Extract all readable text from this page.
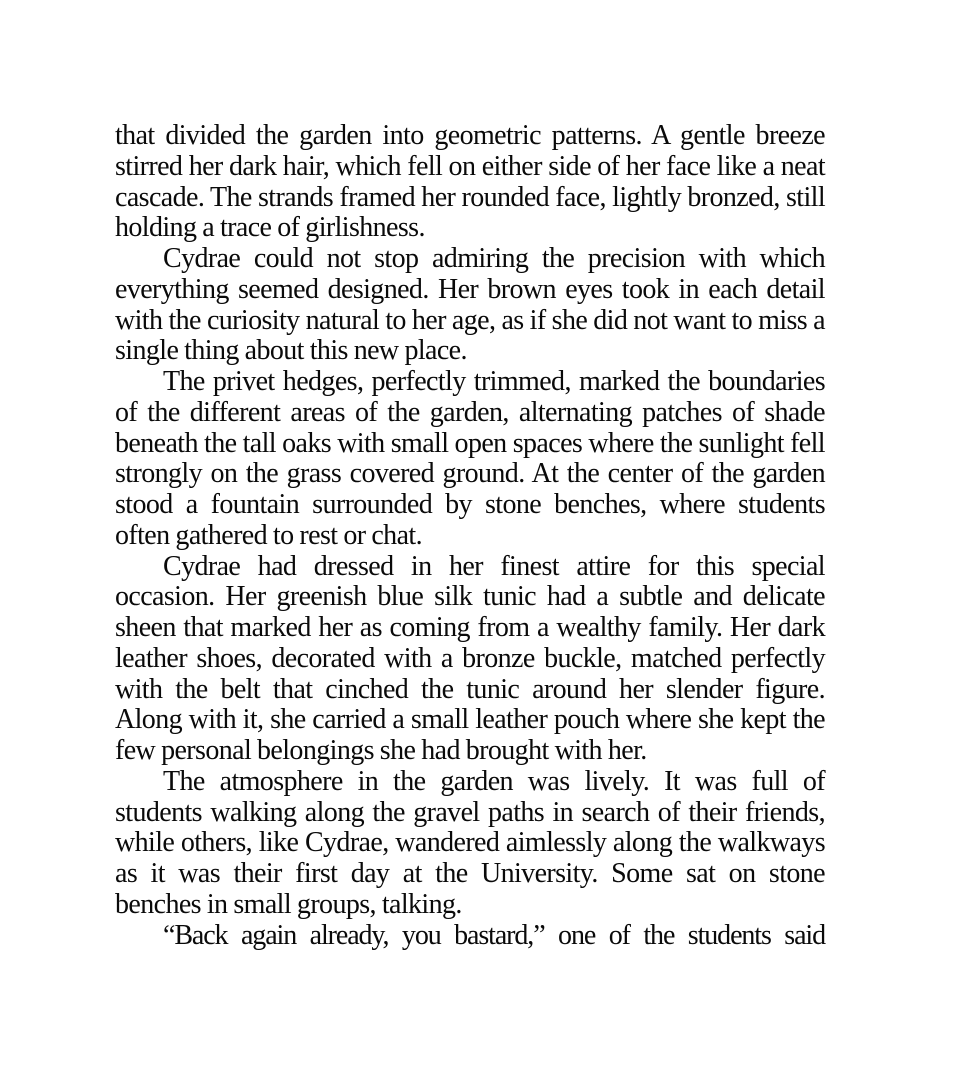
that divided the garden into geometric patterns. A gentle breeze stirred her dark hair, which fell on either side of her face like a neat cascade. The strands framed her rounded face, lightly bronzed, still holding a trace of girlishness.

Cydrae could not stop admiring the precision with which everything seemed designed. Her brown eyes took in each detail with the curiosity natural to her age, as if she did not want to miss a single thing about this new place.

The privet hedges, perfectly trimmed, marked the boundaries of the different areas of the garden, alternating patches of shade beneath the tall oaks with small open spaces where the sunlight fell strongly on the grass covered ground. At the center of the garden stood a fountain surrounded by stone benches, where students often gathered to rest or chat.

Cydrae had dressed in her finest attire for this special occasion. Her greenish blue silk tunic had a subtle and delicate sheen that marked her as coming from a wealthy family. Her dark leather shoes, decorated with a bronze buckle, matched perfectly with the belt that cinched the tunic around her slender figure. Along with it, she carried a small leather pouch where she kept the few personal belongings she had brought with her.

The atmosphere in the garden was lively. It was full of students walking along the gravel paths in search of their friends, while others, like Cydrae, wandered aimlessly along the walkways as it was their first day at the University. Some sat on stone benches in small groups, talking.

“Back again already, you bastard,” one of the students said
